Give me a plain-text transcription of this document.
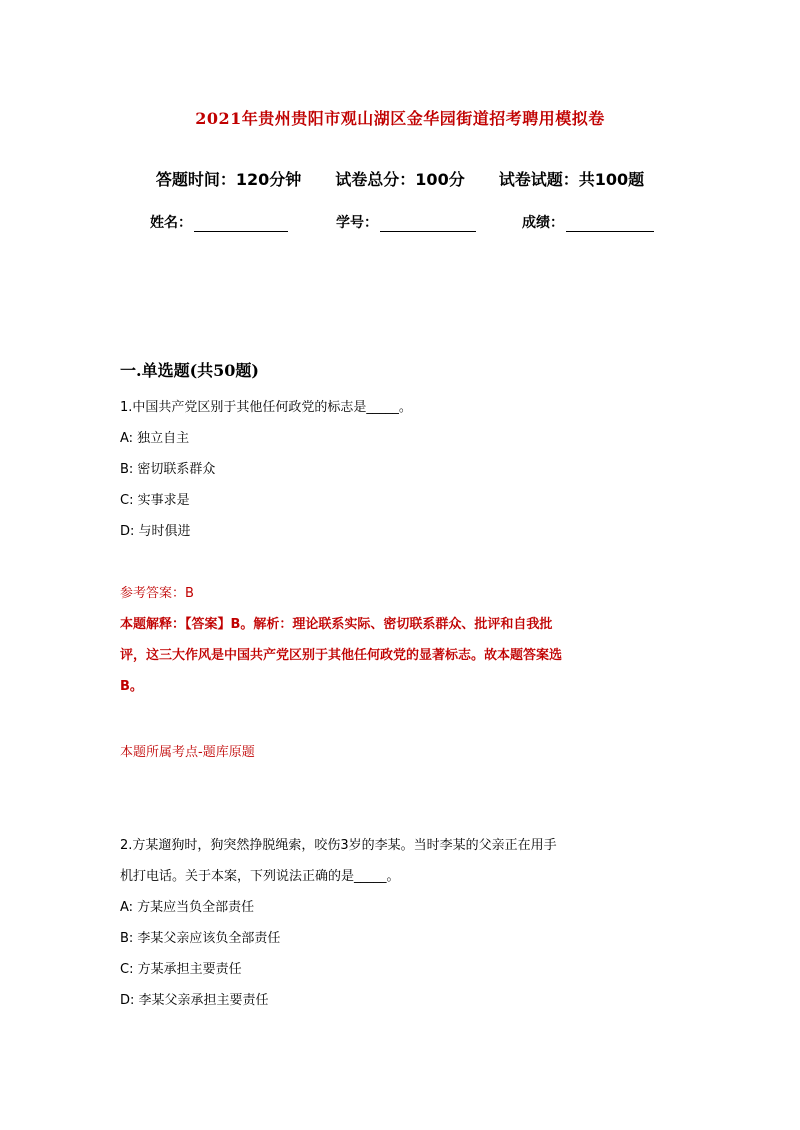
2021年贵州贵阳市观山湖区金华园街道招考聘用模拟卷
答题时间：120分钟 试卷总分：100分 试卷试题：共100题
姓名：	学号：	成绩：
一.单选题(共50题)
1.中国共产党区别于其他任何政党的标志是_____。
A: 独立自主
B: 密切联系群众
C: 实事求是
D: 与时俱进
参考答案：B
本题解释：【答案】B。解析：理论联系实际、密切联系群众、批评和自我批
评，这三大作风是中国共产党区别于其他任何政党的显著标志。故本题答案选
B。
本题所属考点-题库原题
2.方某遛狗时，狗突然挣脱绳索，咬伤3岁的李某。当时李某的父亲正在用手
机打电话。关于本案，下列说法正确的是_____。
A: 方某应当负全部责任
B: 李某父亲应该负全部责任
C: 方某承担主要责任
D: 李某父亲承担主要责任
